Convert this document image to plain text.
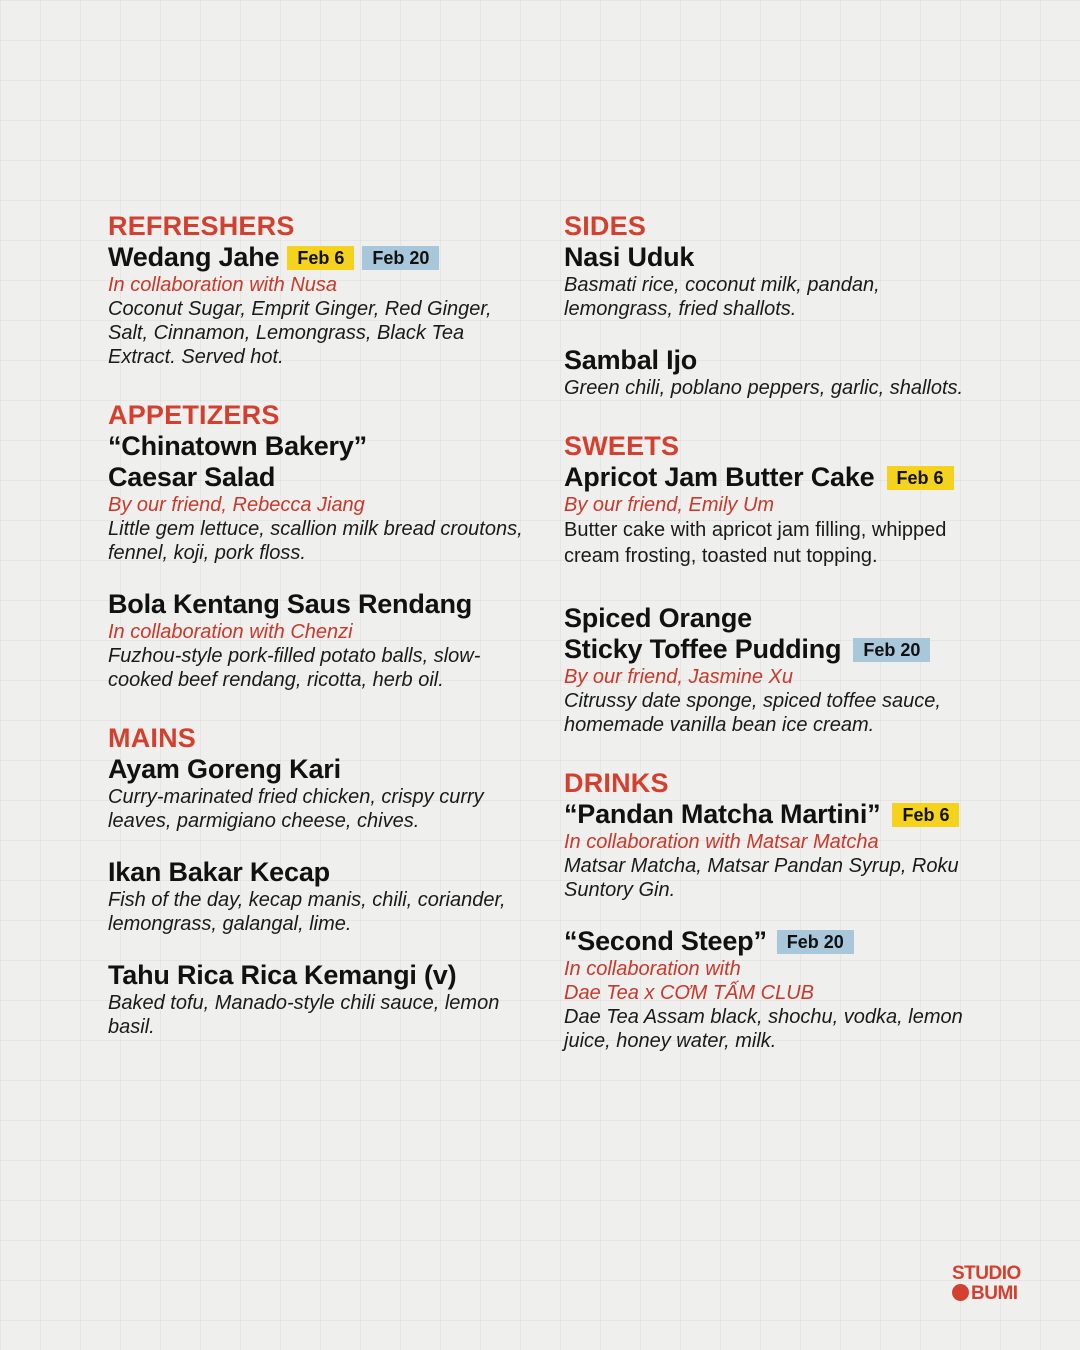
REFRESHERS
Wedang Jahe	Feb 6	Feb 20
In collaboration with Nusa

Coconut Sugar, Emprit Ginger, Red Ginger, Salt, Cinnamon, Lemongrass, Black Tea Extract. Served hot.

APPETIZERS
“Chinatown Bakery”
Caesar Salad
By our friend, Rebecca Jiang

Little gem lettuce, scallion milk bread croutons, fennel, koji, pork floss.

Bola Kentang Saus Rendang
In collaboration with Chenzi

Fuzhou-style pork-filled potato balls, slow-cooked beef rendang, ricotta, herb oil.

MAINS
Ayam Goreng Kari

Curry-marinated fried chicken, crispy curry leaves, parmigiano cheese, chives.

Ikan Bakar Kecap

Fish of the day, kecap manis, chili, coriander, lemongrass, galangal, lime.

Tahu Rica Rica Kemangi (v)

Baked tofu, Manado-style chili sauce, lemon basil.

SIDES
Nasi Uduk

Basmati rice, coconut milk, pandan, lemongrass, fried shallots.

Sambal Ijo

Green chili, poblano peppers, garlic, shallots.

SWEETS
Apricot Jam Butter Cake	Feb 6
By our friend, Emily Um

Butter cake with apricot jam filling, whipped cream frosting, toasted nut topping.

Spiced Orange
Sticky Toffee Pudding	Feb 20
By our friend, Jasmine Xu

Citrussy date sponge, spiced toffee sauce, homemade vanilla bean ice cream.

DRINKS
“Pandan Matcha Martini”	Feb 6
In collaboration with Matsar Matcha

Matsar Matcha, Matsar Pandan Syrup, Roku Suntory Gin.

“Second Steep”	Feb 20
In collaboration with
Dae Tea x CƠM TẤM CLUB

Dae Tea Assam black, shochu, vodka, lemon juice, honey water, milk.

STUDIO
BUMI
